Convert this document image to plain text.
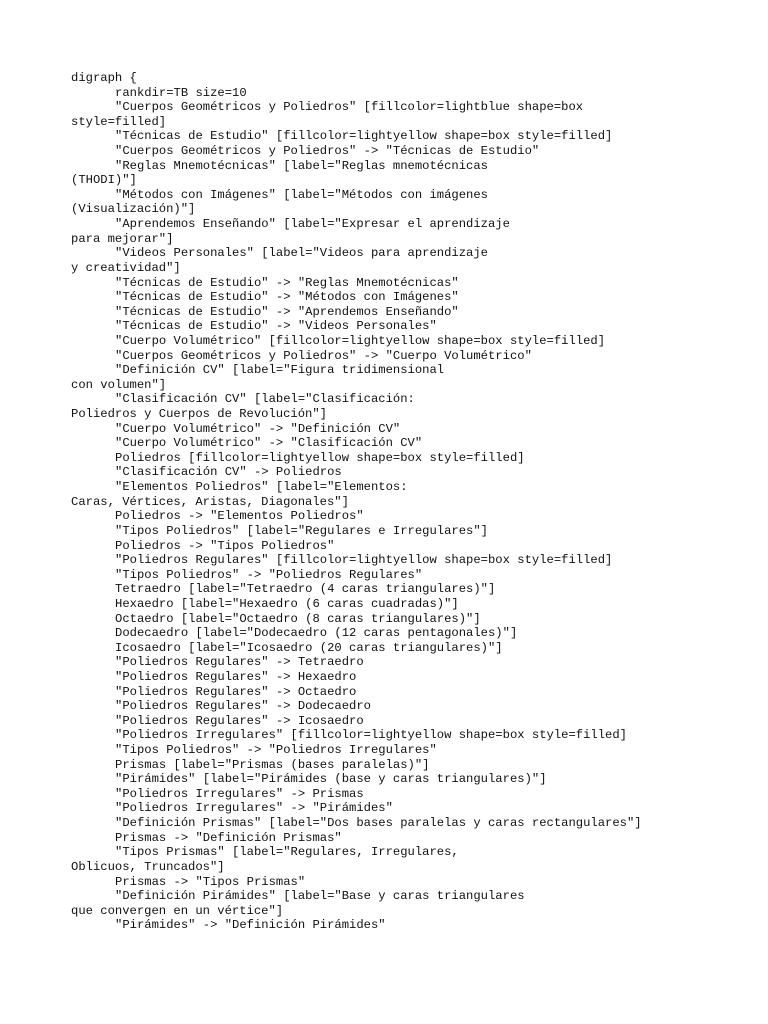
digraph {
rankdir=TB size=10
"Cuerpos Geométricos y Poliedros" [fillcolor=lightblue shape=box
style=filled]
"Técnicas de Estudio" [fillcolor=lightyellow shape=box style=filled]
"Cuerpos Geométricos y Poliedros" -> "Técnicas de Estudio"
"Reglas Mnemotécnicas" [label="Reglas mnemotécnicas
(THODI)"]
"Métodos con Imágenes" [label="Métodos con imágenes
(Visualización)"]
"Aprendemos Enseñando" [label="Expresar el aprendizaje
para mejorar"]
"Videos Personales" [label="Videos para aprendizaje
y creatividad"]
"Técnicas de Estudio" -> "Reglas Mnemotécnicas"
"Técnicas de Estudio" -> "Métodos con Imágenes"
"Técnicas de Estudio" -> "Aprendemos Enseñando"
"Técnicas de Estudio" -> "Videos Personales"
"Cuerpo Volumétrico" [fillcolor=lightyellow shape=box style=filled]
"Cuerpos Geométricos y Poliedros" -> "Cuerpo Volumétrico"
"Definición CV" [label="Figura tridimensional
con volumen"]
"Clasificación CV" [label="Clasificación:
Poliedros y Cuerpos de Revolución"]
"Cuerpo Volumétrico" -> "Definición CV"
"Cuerpo Volumétrico" -> "Clasificación CV"
Poliedros [fillcolor=lightyellow shape=box style=filled]
"Clasificación CV" -> Poliedros
"Elementos Poliedros" [label="Elementos:
Caras, Vértices, Aristas, Diagonales"]
Poliedros -> "Elementos Poliedros"
"Tipos Poliedros" [label="Regulares e Irregulares"]
Poliedros -> "Tipos Poliedros"
"Poliedros Regulares" [fillcolor=lightyellow shape=box style=filled]
"Tipos Poliedros" -> "Poliedros Regulares"
Tetraedro [label="Tetraedro (4 caras triangulares)"]
Hexaedro [label="Hexaedro (6 caras cuadradas)"]
Octaedro [label="Octaedro (8 caras triangulares)"]
Dodecaedro [label="Dodecaedro (12 caras pentagonales)"]
Icosaedro [label="Icosaedro (20 caras triangulares)"]
"Poliedros Regulares" -> Tetraedro
"Poliedros Regulares" -> Hexaedro
"Poliedros Regulares" -> Octaedro
"Poliedros Regulares" -> Dodecaedro
"Poliedros Regulares" -> Icosaedro
"Poliedros Irregulares" [fillcolor=lightyellow shape=box style=filled]
"Tipos Poliedros" -> "Poliedros Irregulares"
Prismas [label="Prismas (bases paralelas)"]
"Pirámides" [label="Pirámides (base y caras triangulares)"]
"Poliedros Irregulares" -> Prismas
"Poliedros Irregulares" -> "Pirámides"
"Definición Prismas" [label="Dos bases paralelas y caras rectangulares"]
Prismas -> "Definición Prismas"
"Tipos Prismas" [label="Regulares, Irregulares,
Oblicuos, Truncados"]
Prismas -> "Tipos Prismas"
"Definición Pirámides" [label="Base y caras triangulares
que convergen en un vértice"]
"Pirámides" -> "Definición Pirámides"
